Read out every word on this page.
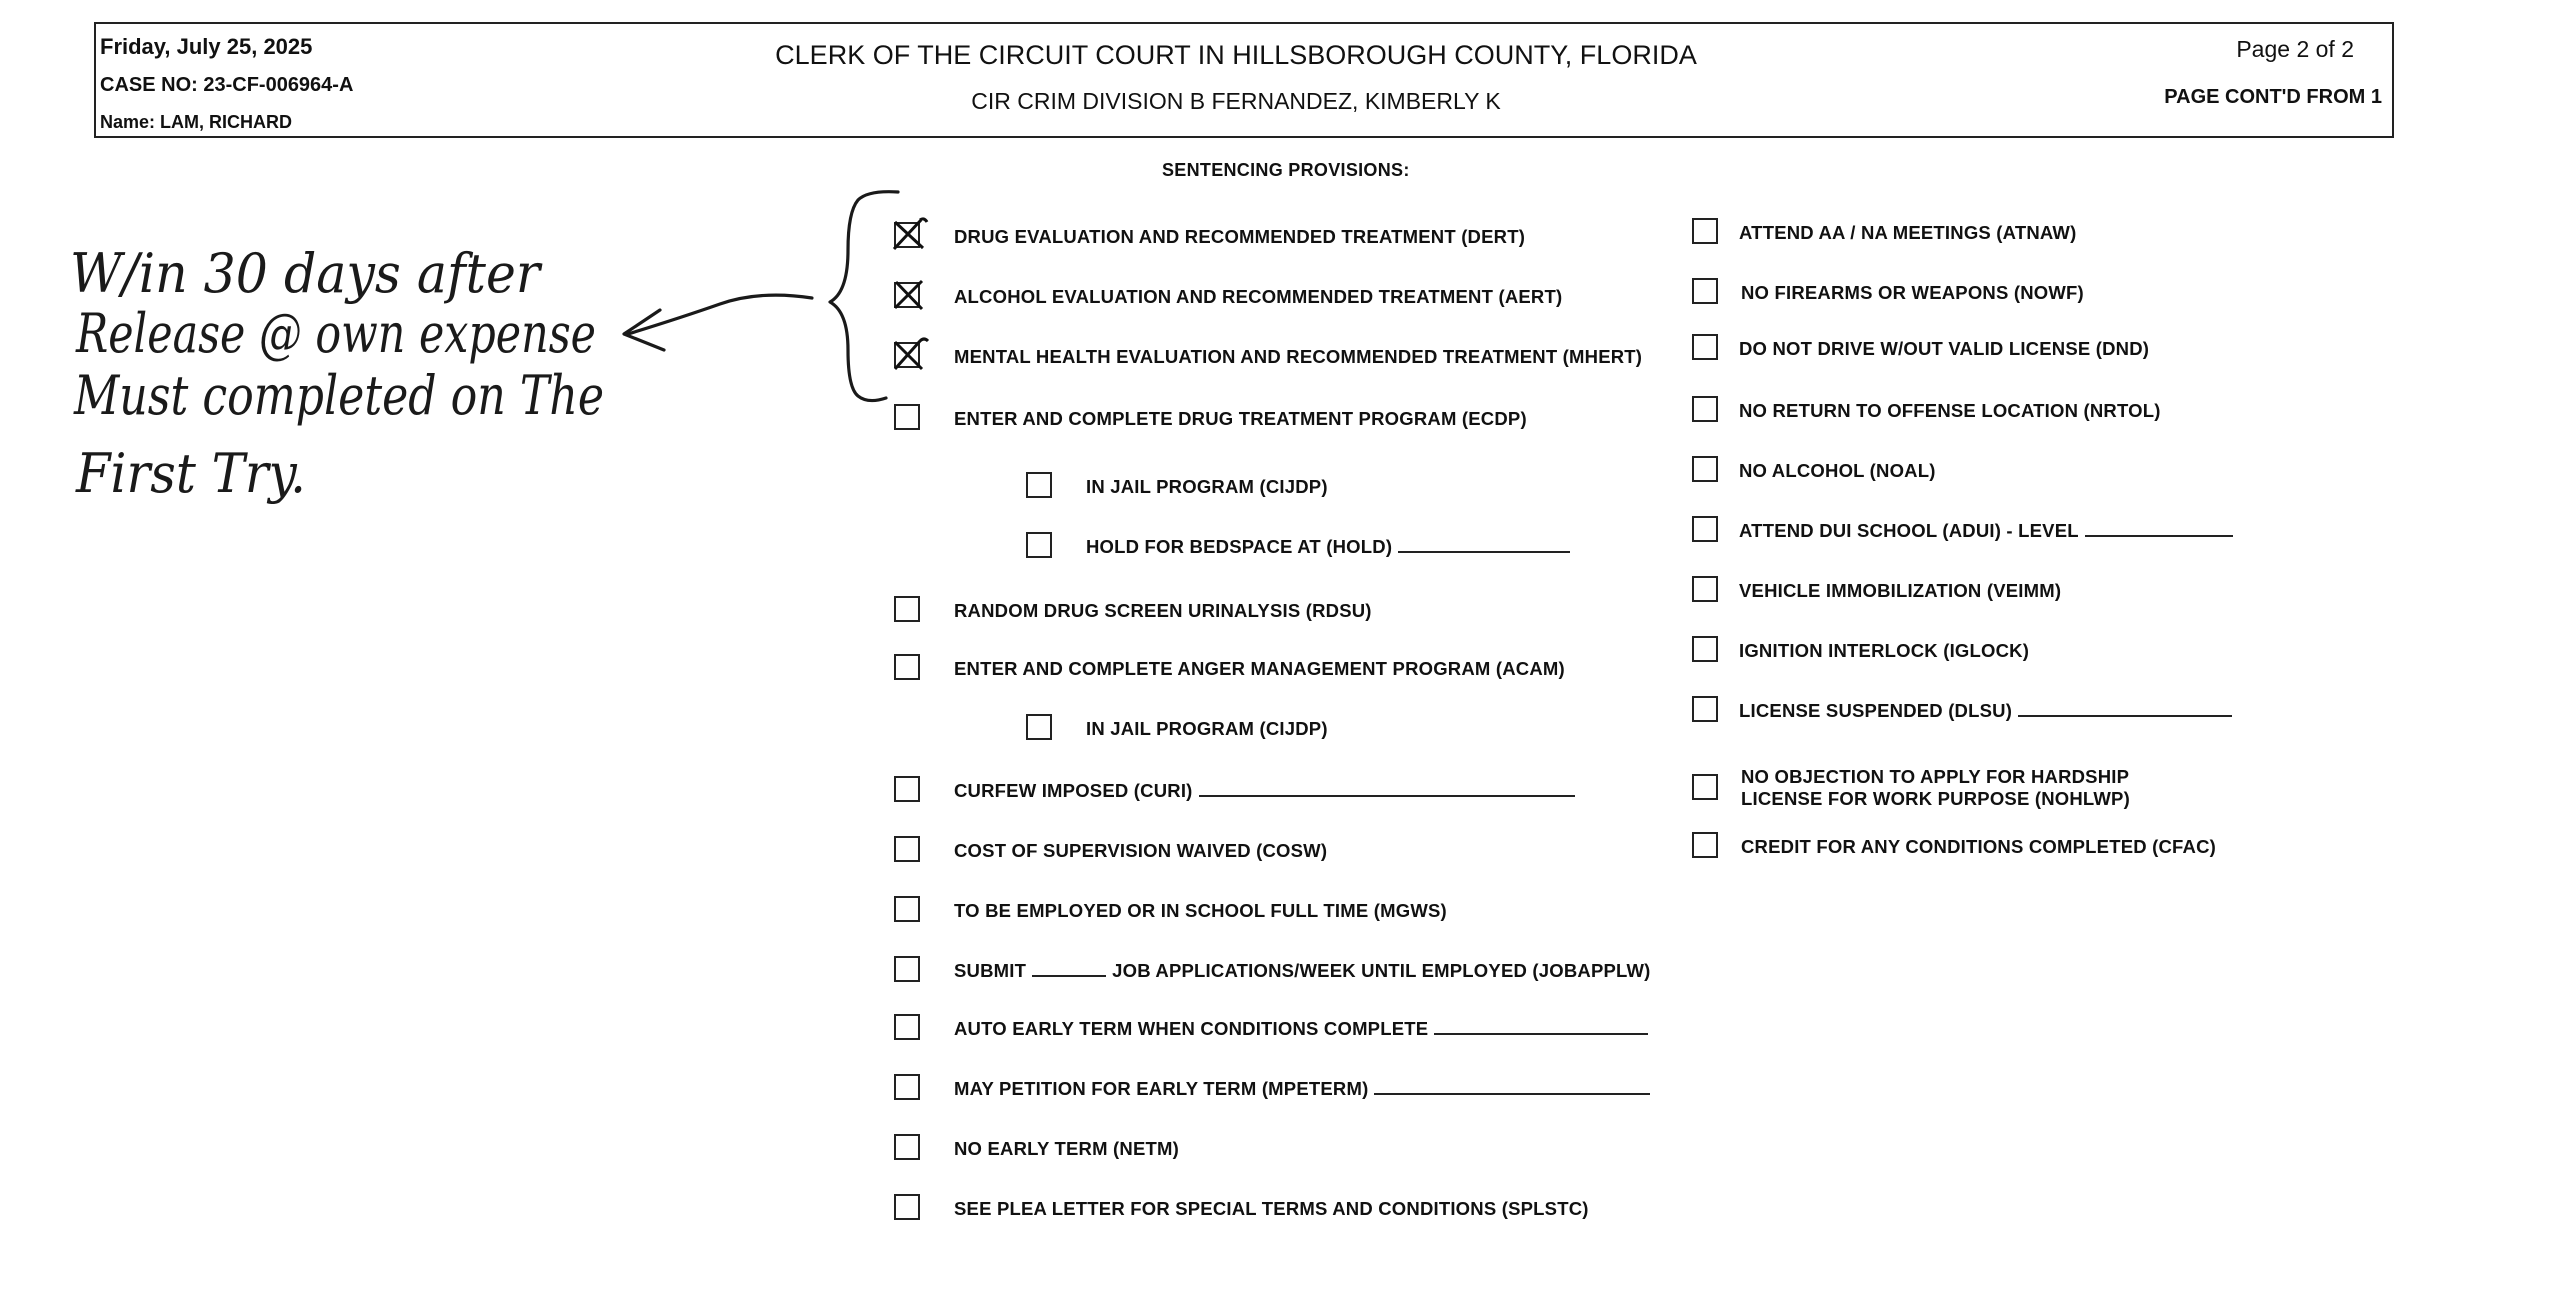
Friday, July 25, 2025
CASE NO: 23-CF-006964-A
Name: LAM, RICHARD
CLERK OF THE CIRCUIT COURT IN HILLSBOROUGH COUNTY, FLORIDA
CIR CRIM DIVISION B FERNANDEZ, KIMBERLY K
Page 2 of 2
PAGE CONT'D FROM 1
SENTENCING PROVISIONS:
DRUG EVALUATION AND RECOMMENDED TREATMENT (DERT)
ALCOHOL EVALUATION AND RECOMMENDED TREATMENT (AERT)
MENTAL HEALTH EVALUATION AND RECOMMENDED TREATMENT (MHERT)
ENTER AND COMPLETE DRUG TREATMENT PROGRAM (ECDP)
IN JAIL PROGRAM (CIJDP)
HOLD FOR BEDSPACE AT (HOLD)
RANDOM DRUG SCREEN URINALYSIS (RDSU)
ENTER AND COMPLETE ANGER MANAGEMENT PROGRAM (ACAM)
IN JAIL PROGRAM (CIJDP)
CURFEW IMPOSED (CURI)
COST OF SUPERVISION WAIVED (COSW)
TO BE EMPLOYED OR IN SCHOOL FULL TIME (MGWS)
SUBMIT	JOB APPLICATIONS/WEEK UNTIL EMPLOYED (JOBAPPLW)
AUTO EARLY TERM WHEN CONDITIONS COMPLETE
MAY PETITION FOR EARLY TERM (MPETERM)
NO EARLY TERM (NETM)
SEE PLEA LETTER FOR SPECIAL TERMS AND CONDITIONS (SPLSTC)
ATTEND AA / NA MEETINGS (ATNAW)
NO FIREARMS OR WEAPONS (NOWF)
DO NOT DRIVE W/OUT VALID LICENSE (DND)
NO RETURN TO OFFENSE LOCATION (NRTOL)
NO ALCOHOL (NOAL)
ATTEND DUI SCHOOL (ADUI) - LEVEL
VEHICLE IMMOBILIZATION (VEIMM)
IGNITION INTERLOCK (IGLOCK)
LICENSE SUSPENDED (DLSU)
NO OBJECTION TO APPLY FOR HARDSHIP
LICENSE FOR WORK PURPOSE (NOHLWP)
CREDIT FOR ANY CONDITIONS COMPLETED (CFAC)
W/in 30 days after
Release @ own expense
Must completed on The
First Try.
